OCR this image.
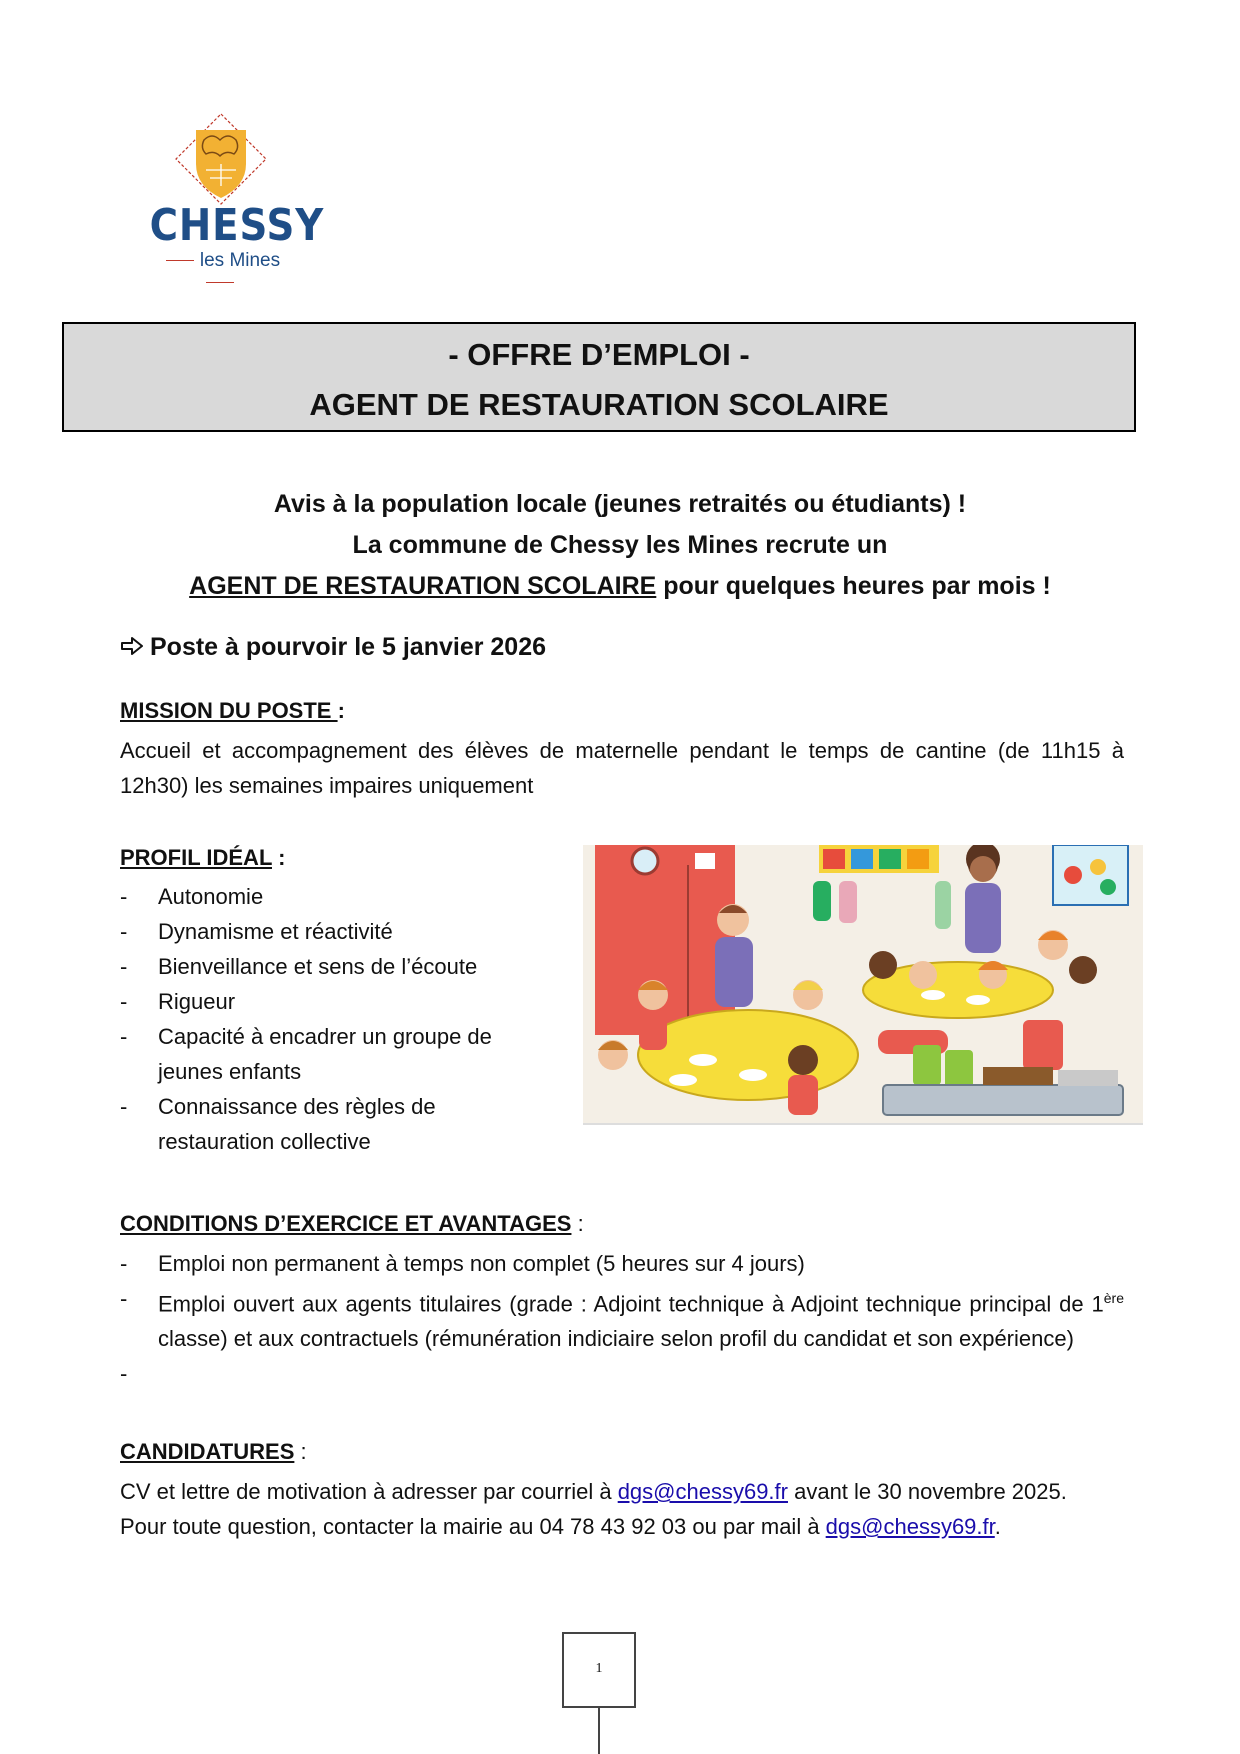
CHESSY
les Mines
- OFFRE D’EMPLOI -
AGENT DE RESTAURATION SCOLAIRE
Avis à la population locale (jeunes retraités ou étudiants) !
La commune de Chessy les Mines recrute un
AGENT DE RESTAURATION SCOLAIRE pour quelques heures par mois !
Poste à pourvoir le 5 janvier 2026
MISSION DU POSTE :
Accueil et accompagnement des élèves de maternelle pendant le temps de cantine (de 11h15 à 12h30) les semaines impaires uniquement
PROFIL IDÉAL :
- Autonomie
- Dynamisme et réactivité
- Bienveillance et sens de l’écoute
- Rigueur
- Capacité à encadrer un groupe de jeunes enfants
- Connaissance des règles de restauration collective
CONDITIONS D’EXERCICE ET AVANTAGES :
- Emploi non permanent à temps non complet (5 heures sur 4 jours)
- Emploi ouvert aux agents titulaires (grade : Adjoint technique à Adjoint technique principal de 1ère classe) et aux contractuels (rémunération indiciaire selon profil du candidat et son expérience)
-

CANDIDATURES :
CV et lettre de motivation à adresser par courriel à dgs@chessy69.fr avant le 30 novembre 2025.
Pour toute question, contacter la mairie au 04 78 43 92 03 ou par mail à dgs@chessy69.fr.
1
